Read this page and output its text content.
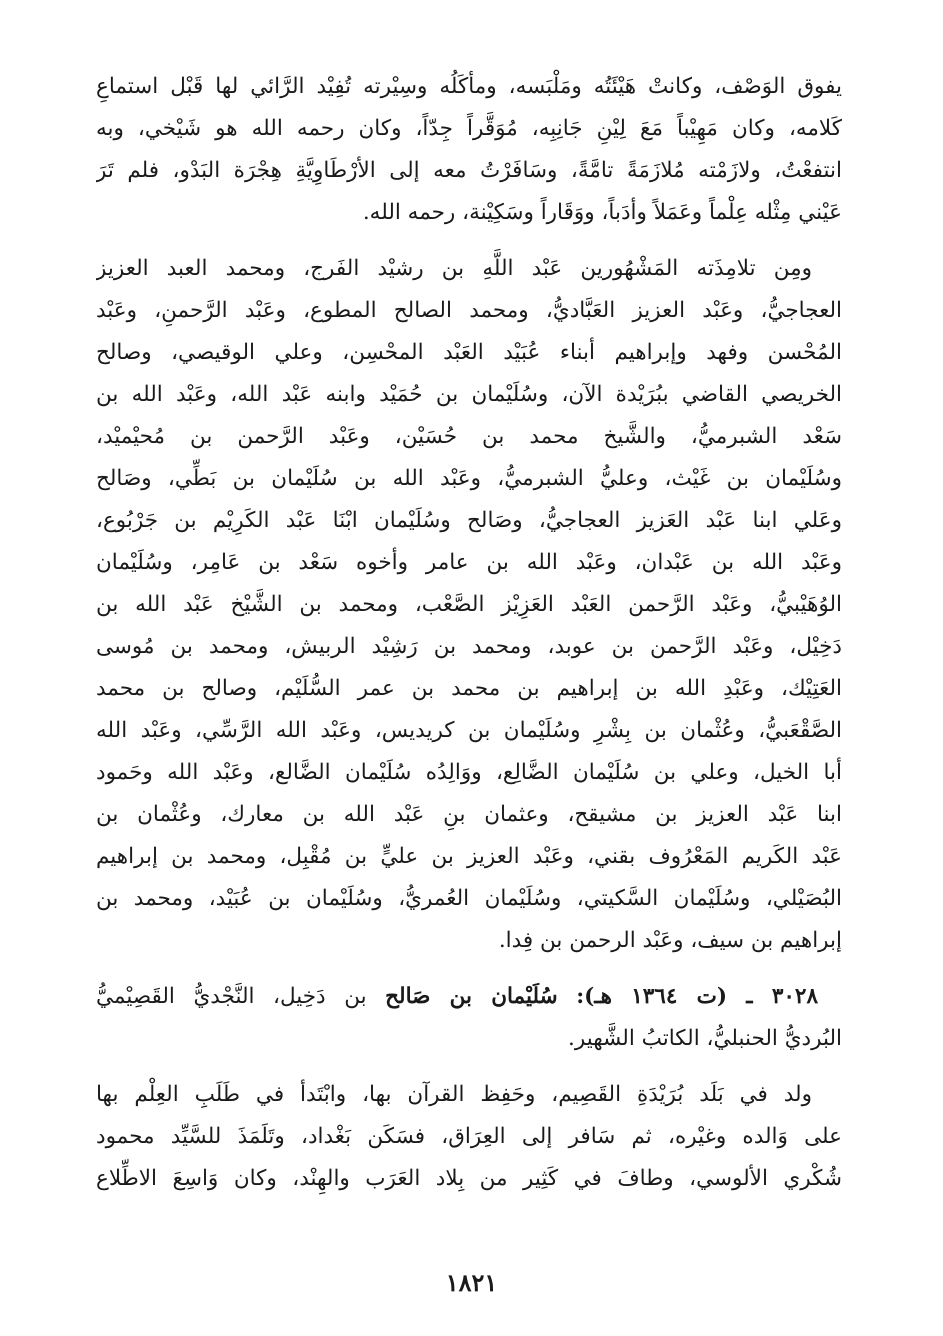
يفوق الوَصْف، وكانتْ هَيْئَتُه ومَلْبَسه، ومأكَلُه وسِيْرته تُفِيْد الرَّائي لها قَبْل استماعِ
كَلامه، وكان مَهِيْباً مَعَ لِيْنِ جَانِبِه، مُوَقَّراً جِدّاً، وكان رحمه الله هو شَيْخي، وبه
انتفعْتُ، ولازَمْته مُلازَمَةً تامَّةً، وسَافَرْتُ معه إلى الأرْطَاوِيَّةِ هِجْرَة البَدْو، فلم تَرَ
عَيْني مِثْله عِلْماً وعَمَلاً وأدَباً، ووَقَاراً وسَكِيْنة، رحمه الله.
ومِن تلامِذَته المَشْهُورين عَبْد اللَّهِ بن رشيْد الفَرج، ومحمد العبد العزيز
العجاجيُّ، وعَبْد العزيز العَبَّاديُّ، ومحمد الصالح المطوع، وعَبْد الرَّحمنِ، وعَبْد
المُحْسن وفهد وإبراهيم أبناء عُبَيْد العَبْد المحْسِن، وعلي الوقيصي، وصالح
الخريصي القاضي ببُرَيْدة الآن، وسُلَيْمان بن حُمَيْد وابنه عَبْد الله، وعَبْد الله بن
سَعْد الشبرميُّ، والشَّيخ محمد بن حُسَيْن، وعَبْد الرَّحمن بن مُحيْميْد،
وسُلَيْمان بن غَيْث، وعليُّ الشبرميُّ، وعَبْد الله بن سُلَيْمان بن بَطِّي، وصَالح
وعَلي ابنا عَبْد العَزيز العجاجيُّ، وصَالح وسُلَيْمان ابْنَا عَبْد الكَرِيْم بن جَرْبُوع،
وعَبْد الله بن عَبْدان، وعَبْد الله بن عامر وأخوه سَعْد بن عَامِر، وسُلَيْمان
الوُهَيْبيُّ، وعَبْد الرَّحمن العَبْد العَزِيْز الصَّعْب، ومحمد بن الشَّيْخ عَبْد الله بن
دَخِيْل، وعَبْد الرَّحمن بن عوبد، ومحمد بن رَشِيْد الربيش، ومحمد بن مُوسى
العَتِيْك، وعَبْدِ الله بن إبراهيم بن محمد بن عمر السُّلَيْم، وصالح بن محمد
الصَّقْعَبيُّ، وعُثْمان بن بِشْرِ وسُلَيْمان بن كريديس، وعَبْد الله الرَّسِّي، وعَبْد الله
أبا الخيل، وعلي بن سُلَيْمان الضَّالِع، ووَالِدُه سُلَيْمان الضَّالع، وعَبْد الله وحَمود
ابنا عَبْد العزيز بن مشيقح، وعثمان بنِ عَبْد الله بن معارك، وعُثْمان بن
عَبْد الكَريم المَعْرُوف بقني، وعَبْد العزيز بن عليٍّ بن مُقْبِل، ومحمد بن إبراهيم
البُصَيْلي، وسُلَيْمان السَّكيتي، وسُلَيْمان العُمريُّ، وسُلَيْمان بن عُبَيْد، ومحمد بن
إبراهيم بن سيف، وعَبْد الرحمن بن فِدا.
٣٠٢٨ ـ (ت ١٣٦٤ هـ): سُلَيْمان بن صَالح بن دَخِيل، النَّجْديُّ القَصِيْميُّ
البُرديُّ الحنبليُّ، الكاتبُ الشَّهير.
ولد في بَلَد بُرَيْدَةِ القَصِيم، وحَفِظ القرآن بها، وابْتَدأ في طَلَبِ العِلْم بها
على وَالده وغيْره، ثم سَافر إلى العِرَاق، فسَكَن بَغْداد، وتَلَمَذَ للسَّيِّد محمود
شُكْري الألوسي، وطافَ في كَثِير من بِلاد العَرَب والهِنْد، وكان وَاسِعَ الاطِّلاع
١٨٢١
